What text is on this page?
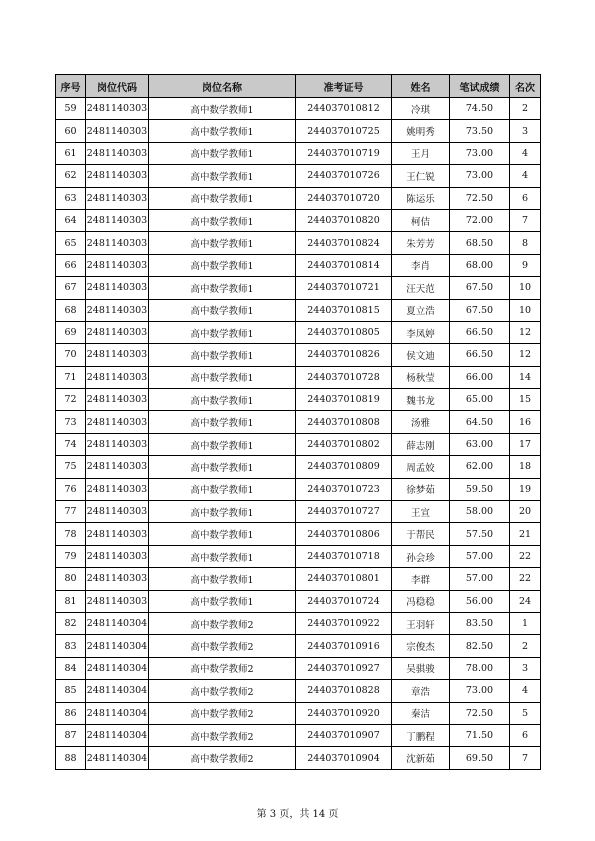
序号	岗位代码	岗位名称	准考证号	姓名	笔试成绩	名次
59	2481140303	高中数学教师1	244037010812	冷琪	74.50	2
60	2481140303	高中数学教师1	244037010725	姚明秀	73.50	3
61	2481140303	高中数学教师1	244037010719	王月	73.00	4
62	2481140303	高中数学教师1	244037010726	王仁锐	73.00	4
63	2481140303	高中数学教师1	244037010720	陈运乐	72.50	6
64	2481140303	高中数学教师1	244037010820	柯佶	72.00	7
65	2481140303	高中数学教师1	244037010824	朱芳芳	68.50	8
66	2481140303	高中数学教师1	244037010814	李肖	68.00	9
67	2481140303	高中数学教师1	244037010721	汪天范	67.50	10
68	2481140303	高中数学教师1	244037010815	夏立浩	67.50	10
69	2481140303	高中数学教师1	244037010805	李凤婷	66.50	12
70	2481140303	高中数学教师1	244037010826	侯文迪	66.50	12
71	2481140303	高中数学教师1	244037010728	杨秋莹	66.00	14
72	2481140303	高中数学教师1	244037010819	魏书龙	65.00	15
73	2481140303	高中数学教师1	244037010808	汤雅	64.50	16
74	2481140303	高中数学教师1	244037010802	薛志刚	63.00	17
75	2481140303	高中数学教师1	244037010809	周孟姣	62.00	18
76	2481140303	高中数学教师1	244037010723	徐梦茹	59.50	19
77	2481140303	高中数学教师1	244037010727	王宣	58.00	20
78	2481140303	高中数学教师1	244037010806	于帮民	57.50	21
79	2481140303	高中数学教师1	244037010718	孙会珍	57.00	22
80	2481140303	高中数学教师1	244037010801	李群	57.00	22
81	2481140303	高中数学教师1	244037010724	冯稳稳	56.00	24
82	2481140304	高中数学教师2	244037010922	王羽轩	83.50	1
83	2481140304	高中数学教师2	244037010916	宗俊杰	82.50	2
84	2481140304	高中数学教师2	244037010927	吴骐骏	78.00	3
85	2481140304	高中数学教师2	244037010828	章浩	73.00	4
86	2481140304	高中数学教师2	244037010920	秦洁	72.50	5
87	2481140304	高中数学教师2	244037010907	丁鹏程	71.50	6
88	2481140304	高中数学教师2	244037010904	沈新茹	69.50	7
第 3 页，共 14 页
